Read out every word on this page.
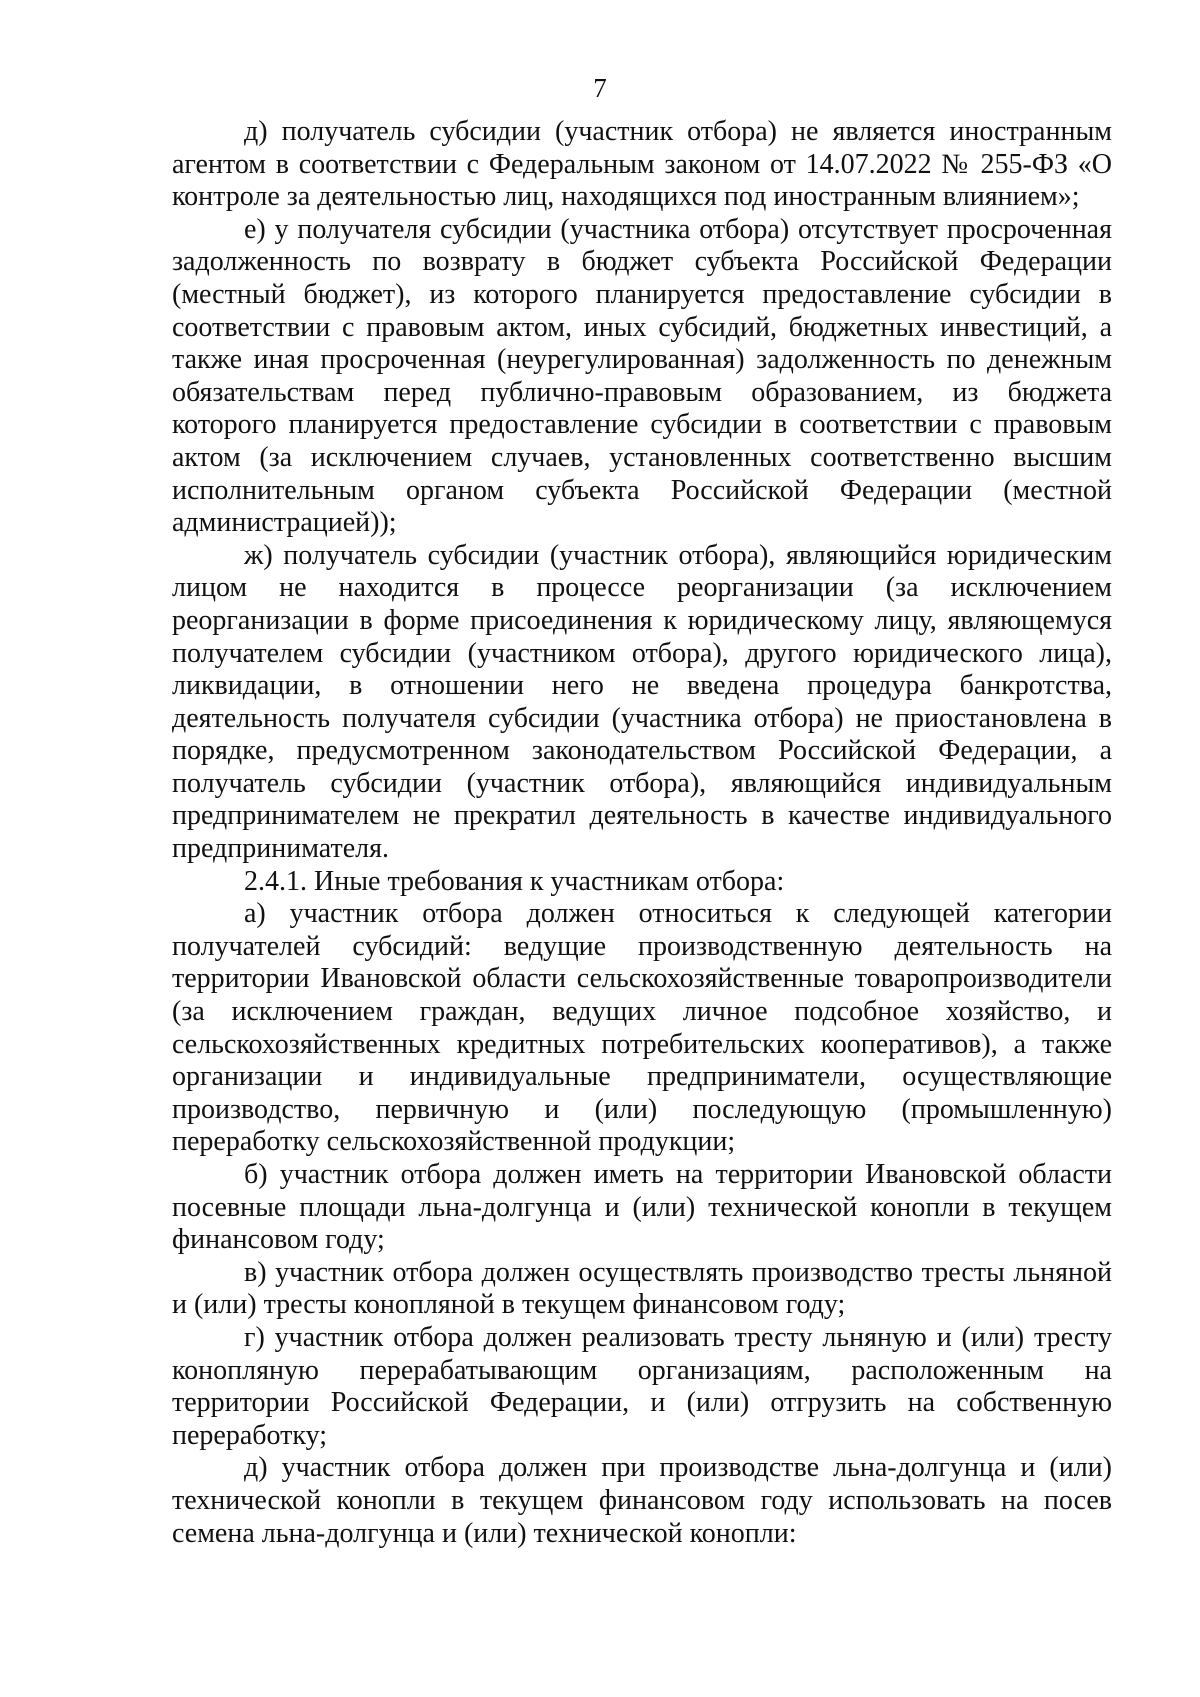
7

д) получатель субсидии (участник отбора) не является иностранным агентом в соответствии с Федеральным законом от 14.07.2022 № 255-ФЗ «О контроле за деятельностью лиц, находящихся под иностранным влиянием»;

е) у получателя субсидии (участника отбора) отсутствует просроченная задолженность по возврату в бюджет субъекта Российской Федерации (местный бюджет), из которого планируется предоставление субсидии в соответствии с правовым актом, иных субсидий, бюджетных инвестиций, а также иная просроченная (неурегулированная) задолженность по денежным обязательствам перед публично-правовым образованием, из бюджета которого планируется предоставление субсидии в соответствии с правовым актом (за исключением случаев, установленных соответственно высшим исполнительным органом субъекта Российской Федерации (местной администрацией));

ж) получатель субсидии (участник отбора), являющийся юридическим лицом не находится в процессе реорганизации (за исключением реорганизации в форме присоединения к юридическому лицу, являющемуся получателем субсидии (участником отбора), другого юридического лица), ликвидации, в отношении него не введена процедура банкротства, деятельность получателя субсидии (участника отбора) не приостановлена в порядке, предусмотренном законодательством Российской Федерации, а получатель субсидии (участник отбора), являющийся индивидуальным предпринимателем не прекратил деятельность в качестве индивидуального предпринимателя.

2.4.1. Иные требования к участникам отбора:

а) участник отбора должен относиться к следующей категории получателей субсидий: ведущие производственную деятельность на территории Ивановской области сельскохозяйственные товаропроизводители (за исключением граждан, ведущих личное подсобное хозяйство, и сельскохозяйственных кредитных потребительских кооперативов), а также организации и индивидуальные предприниматели, осуществляющие производство, первичную и (или) последующую (промышленную) переработку сельскохозяйственной продукции;

б) участник отбора должен иметь на территории Ивановской области посевные площади льна-долгунца и (или) технической конопли в текущем финансовом году;

в) участник отбора должен осуществлять производство тресты льняной и (или) тресты конопляной в текущем финансовом году;

г) участник отбора должен реализовать тресту льняную и (или) тресту конопляную перерабатывающим организациям, расположенным на территории Российской Федерации, и (или) отгрузить на собственную переработку;

д) участник отбора должен при производстве льна-долгунца и (или) технической конопли в текущем финансовом году использовать на посев семена льна-долгунца и (или) технической конопли:
